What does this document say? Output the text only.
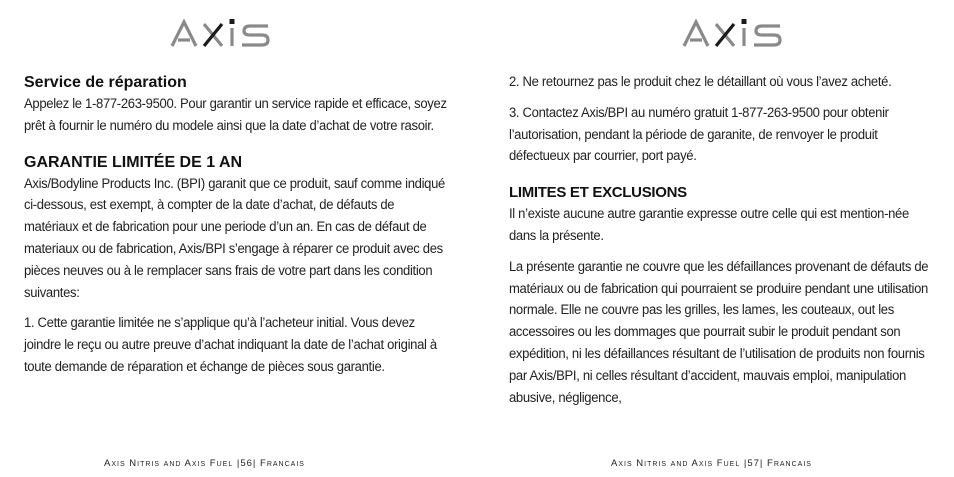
Service de réparation

Appelez le 1-877-263-9500. Pour garantir un service rapide et efficace, soyez prêt à fournir le numéro du modele ainsi que la date d’achat de votre rasoir.

GARANTIE LIMITÉE DE 1 AN

Axis/Bodyline Products Inc. (BPI) garanit que ce produit, sauf comme indiqué ci-dessous, est exempt, à compter de la date d’achat, de défauts de matériaux et de fabrication pour une periode d’un an. En cas de défaut de materiaux ou de fabrication, Axis/BPI s’engage à réparer ce produit avec des pièces neuves ou à le remplacer sans frais de votre part dans les condition suivantes:

1. Cette garantie limitée ne s’applique qu’à l’acheteur initial. Vous devez joindre le reçu ou autre preuve d’achat indiquant la date de l’achat original à toute demande de réparation et échange de pièces sous garantie.

Axis Nitris and Axis Fuel |56| Francais

2. Ne retournez pas le produit chez le détaillant où vous l’avez acheté.

3. Contactez Axis/BPI au numéro gratuit 1-877-263-9500 pour obtenir l’autorisation, pendant la période de garanite, de renvoyer le produit défectueux par courrier, port payé.

LIMITES ET EXCLUSIONS

Il n’existe aucune autre garantie expresse outre celle qui est mention-née dans la présente.

La présente garantie ne couvre que les défaillances provenant de défauts de matériaux ou de fabrication qui pourraient se produire pendant une utilisation normale. Elle ne couvre pas les grilles, les lames, les couteaux, out les accessoires ou les dommages que pourrait subir le produit pendant son expédition, ni les défaillances résultant de l’utilisation de produits non fournis par Axis/BPI, ni celles résultant d’accident, mauvais emploi, manipulation abusive, négligence,

Axis Nitris and Axis Fuel |57| Francais
